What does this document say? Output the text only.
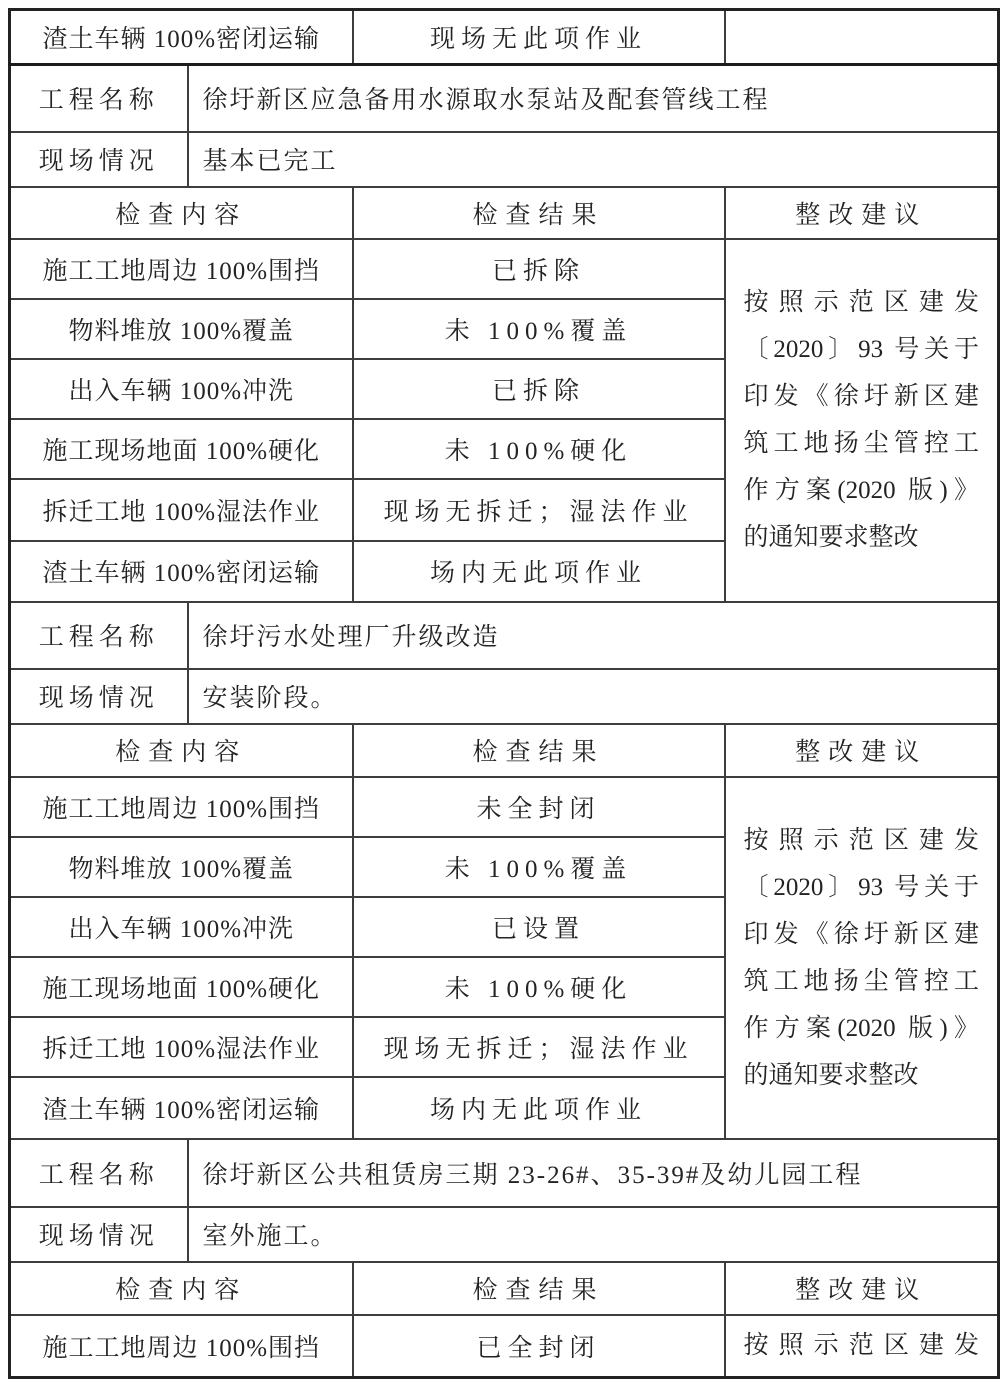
渣土车辆 100%密闭运输		现场无此项作业	
工程名称	徐圩新区应急备用水源取水泵站及配套管线工程		
现场情况	基本已完工		
检查内容		检查结果	整改建议
施工工地周边 100%围挡	已拆除	
按照示范区建发
〔2020〕93 号关于
印发《徐圩新区建
筑工地扬尘管控工
作方案(2020 版)》
的通知要求整改

物料堆放 100%覆盖		未 100%覆盖	
出入车辆 100%冲洗		已拆除	
施工现场地面 100%硬化		未 100%硬化	
拆迁工地 100%湿法作业		现场无拆迁；湿法作业	
渣土车辆 100%密闭运输		场内无此项作业	
工程名称	徐圩污水处理厂升级改造		
现场情况	安装阶段。		
检查内容		检查结果	整改建议
施工工地周边 100%围挡	未全封闭	
按照示范区建发
〔2020〕93 号关于
印发《徐圩新区建
筑工地扬尘管控工
作方案(2020 版)》
的通知要求整改

物料堆放 100%覆盖		未 100%覆盖	
出入车辆 100%冲洗		已设置	
施工现场地面 100%硬化		未 100%硬化	
拆迁工地 100%湿法作业		现场无拆迁；湿法作业	
渣土车辆 100%密闭运输		场内无此项作业	
工程名称	徐圩新区公共租赁房三期 23-26#、35-39#及幼儿园工程		
现场情况	室外施工。		
检查内容		检查结果	整改建议
施工工地周边 100%围挡		已全封闭	按照示范区建发
